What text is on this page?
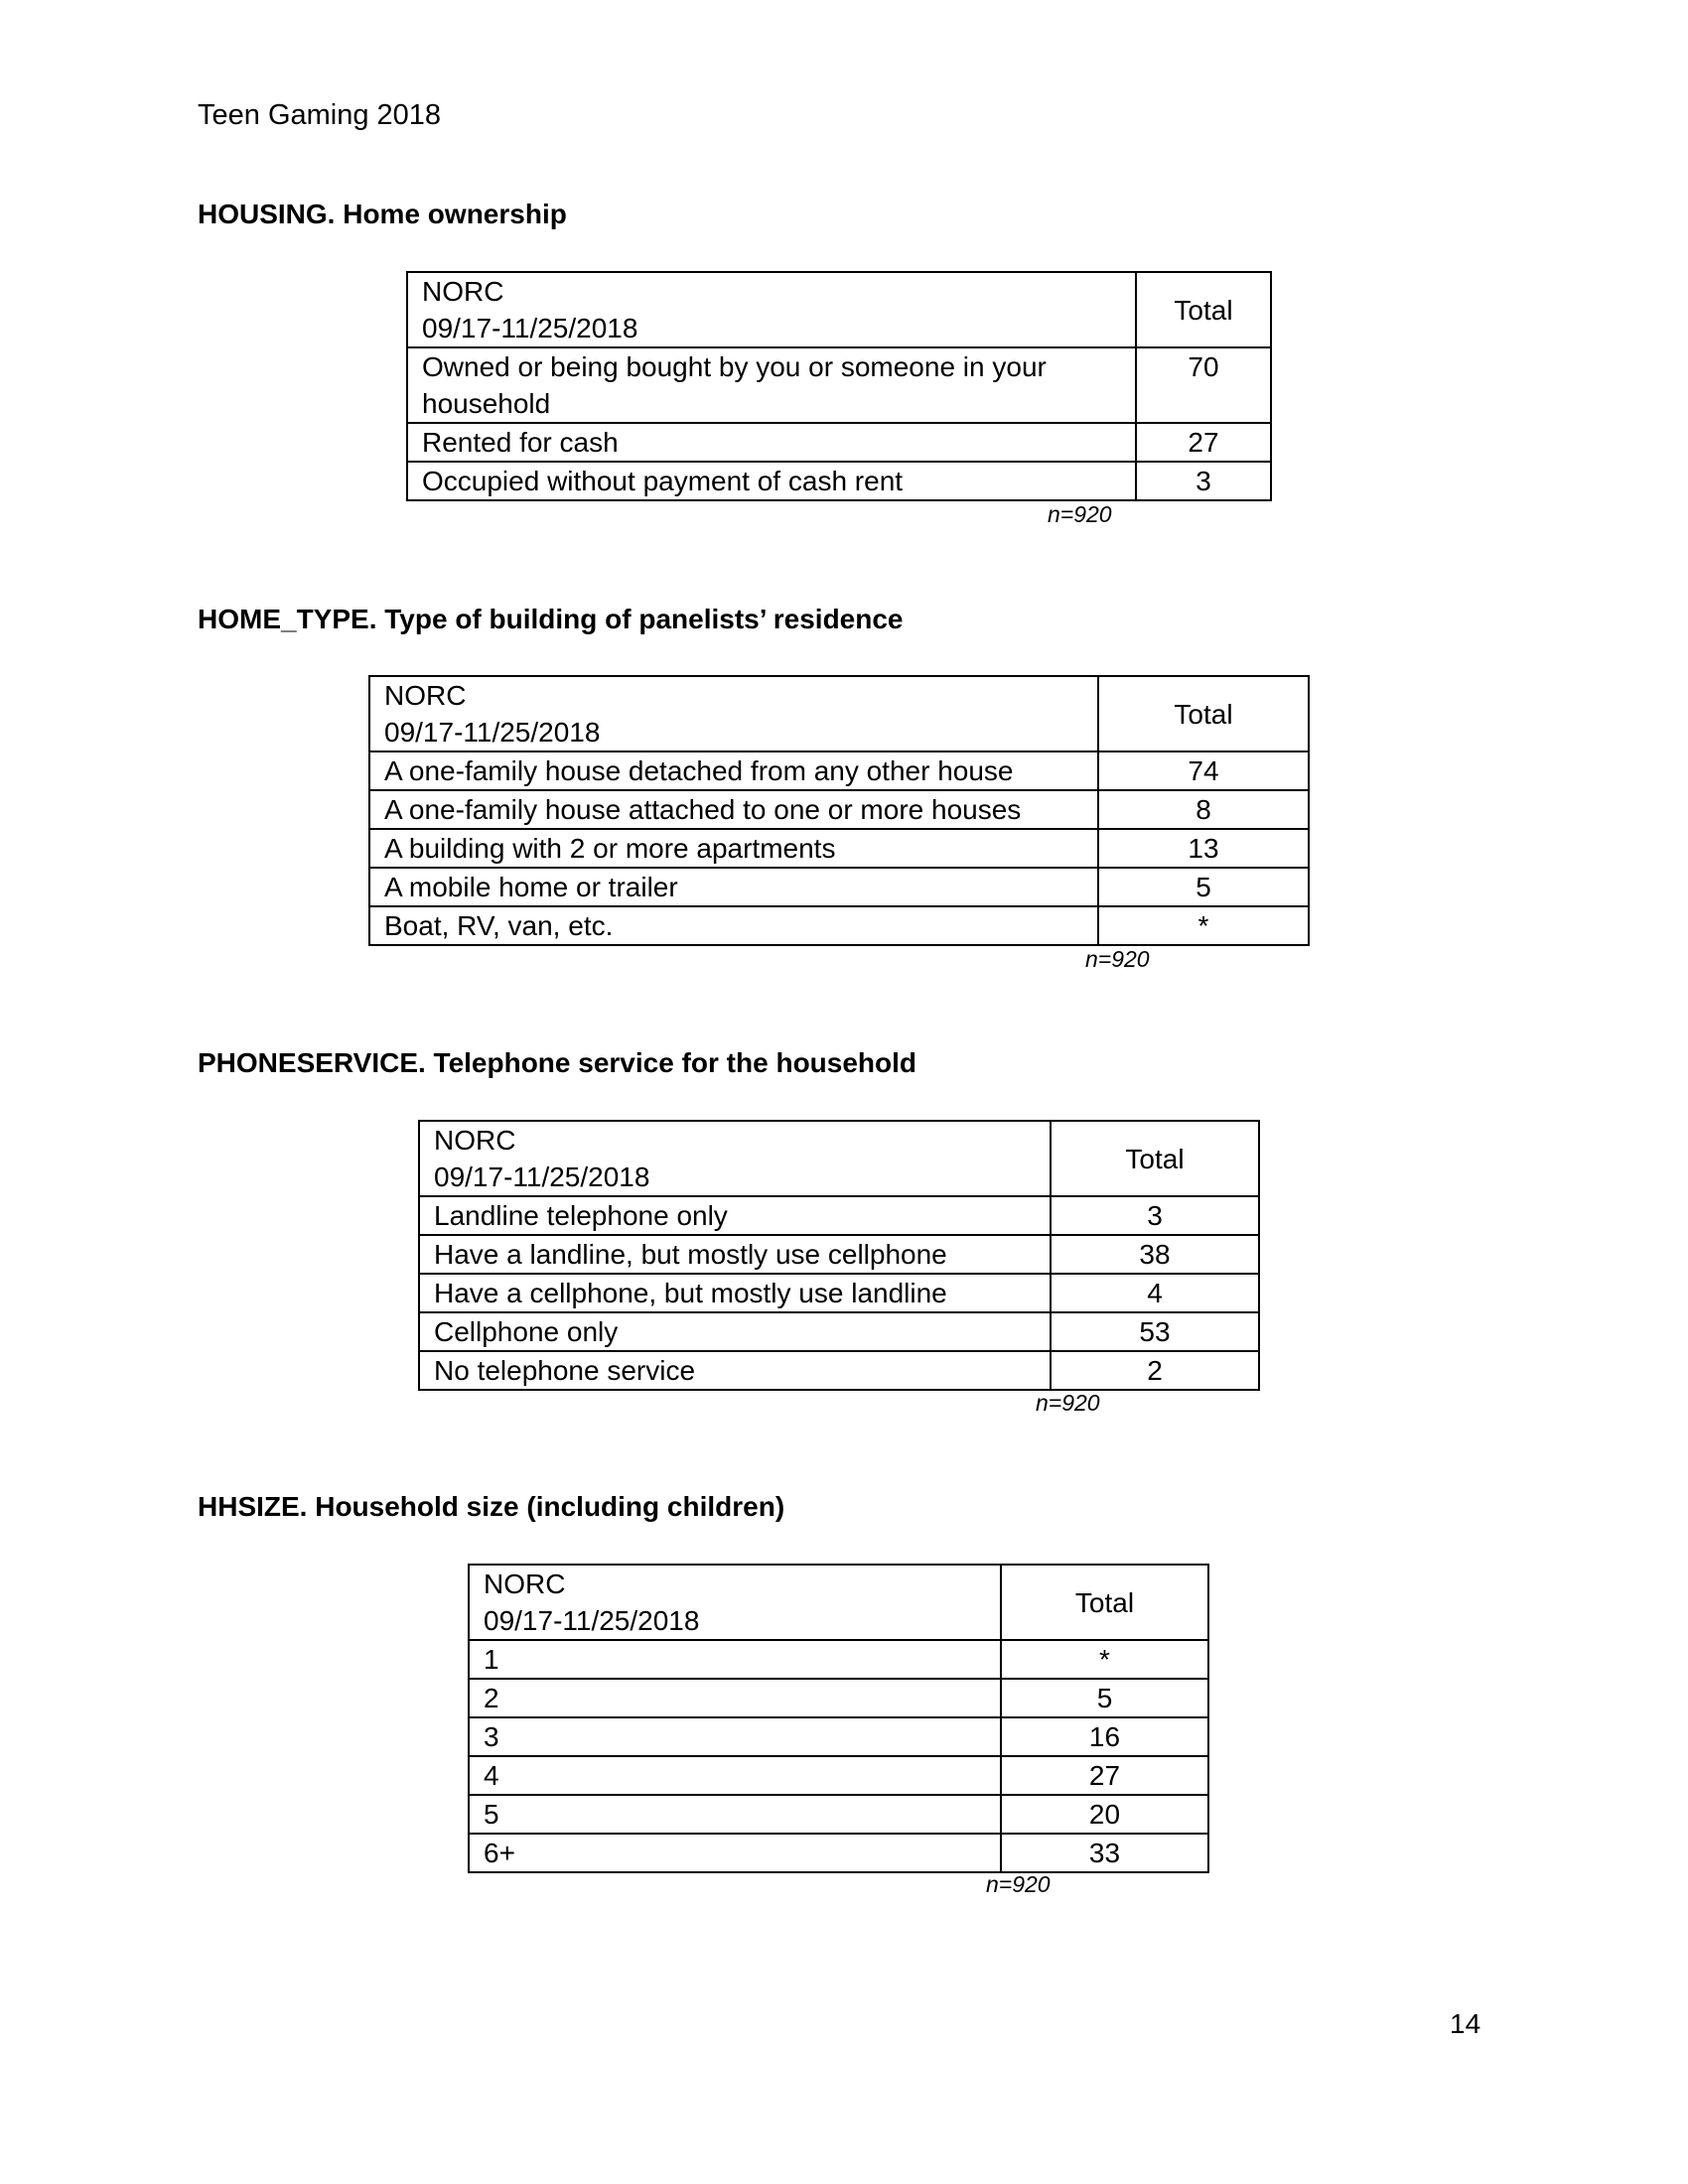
Teen Gaming 2018
HOUSING. Home ownership
NORC
09/17-11/25/2018	Total
Owned or being bought by you or someone in your household	70
Rented for cash	27
Occupied without payment of cash rent	3
n=920
HOME_TYPE. Type of building of panelists’ residence
NORC
09/17-11/25/2018	Total
A one-family house detached from any other house	74
A one-family house attached to one or more houses	8
A building with 2 or more apartments	13
A mobile home or trailer	5
Boat, RV, van, etc.	*
n=920
PHONESERVICE. Telephone service for the household
NORC
09/17-11/25/2018	Total
Landline telephone only	3
Have a landline, but mostly use cellphone	38
Have a cellphone, but mostly use landline	4
Cellphone only	53
No telephone service	2
n=920
HHSIZE. Household size (including children)
NORC
09/17-11/25/2018	Total
1	*
2	5
3	16
4	27
5	20
6+	33
n=920
14
